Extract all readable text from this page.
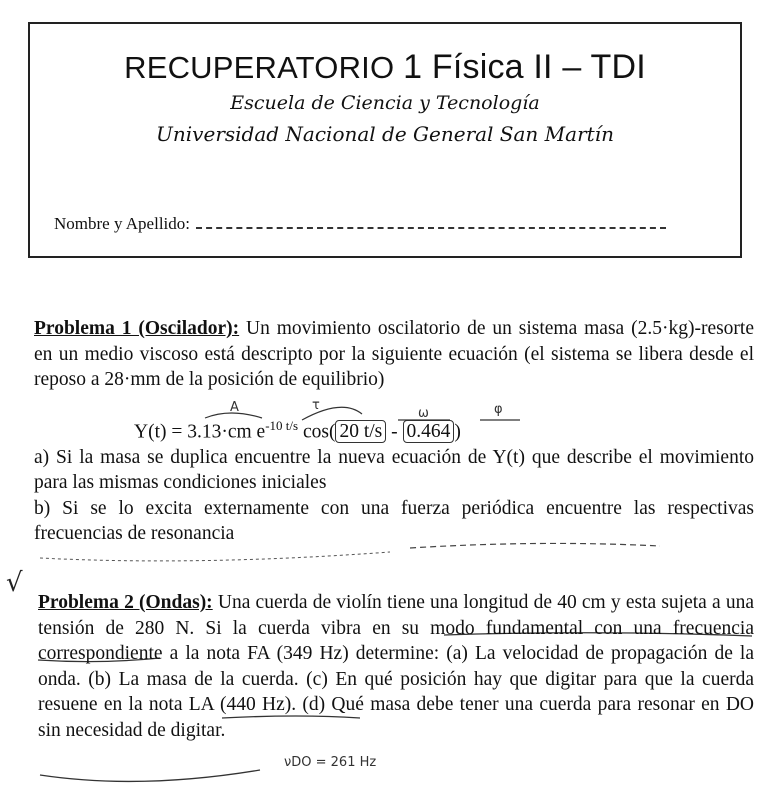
RECUPERATORIO 1 Física II – TDI
Escuela de Ciencia y Tecnología
Universidad Nacional de General San Martín
Nombre y Apellido:
Problema 1 (Oscilador): Un movimiento oscilatorio de un sistema masa (2.5·kg)-resorte en un medio viscoso está descripto por la siguiente ecuación (el sistema se libera desde el reposo a 28·mm de la posición de equilibrio)
Y(t) = 3.13·cm $e^{-10 t/s}$ cos( 20 t/s - 0.464 )
a) Si la masa se duplica encuentre la nueva ecuación de Y(t) que describe el movimiento para las mismas condiciones iniciales
b) Si se lo excita externamente con una fuerza periódica encuentre las respectivas frecuencias de resonancia
A	τ
ω	φ
√
Problema 2 (Ondas): Una cuerda de violín tiene una longitud de 40 cm y esta sujeta a una tensión de 280 N. Si la cuerda vibra en su modo fundamental con una frecuencia correspondiente a la nota FA (349 Hz) determine: (a) La velocidad de propagación de la onda. (b) La masa de la cuerda. (c) En qué posición hay que digitar para que la cuerda resuene en la nota LA (440 Hz). (d) Qué masa debe tener una cuerda para resonar en DO sin necesidad de digitar.
νDO = 261 Hz
